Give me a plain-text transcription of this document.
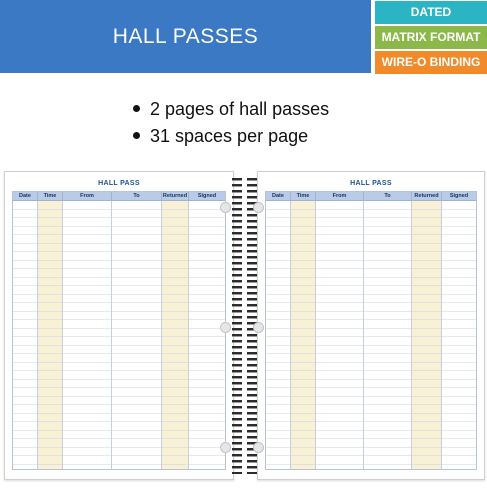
HALL PASSES
DATED
MATRIX FORMAT
WIRE-O BINDING
2 pages of hall passes
31 spaces per page
HALL PASS
Date	Time	From	To	Returned	Signed
HALL PASS
Date	Time	From	To	Returned	Signed
